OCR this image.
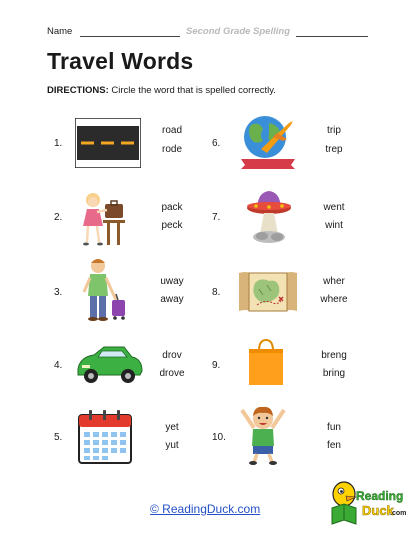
Name	Second Grade Spelling
Travel Words
DIRECTIONS: Circle the word that is spelled correctly.
1.
road
rode
2.
pack
peck
3.
uway
away
4.
drov
drove
5.
yet
yut
6.
trip
trep
7.
went
wint
8.
wher
where
9.
breng
bring
10.
fun
fen
© ReadingDuck.com
Reading
Duck
.com
